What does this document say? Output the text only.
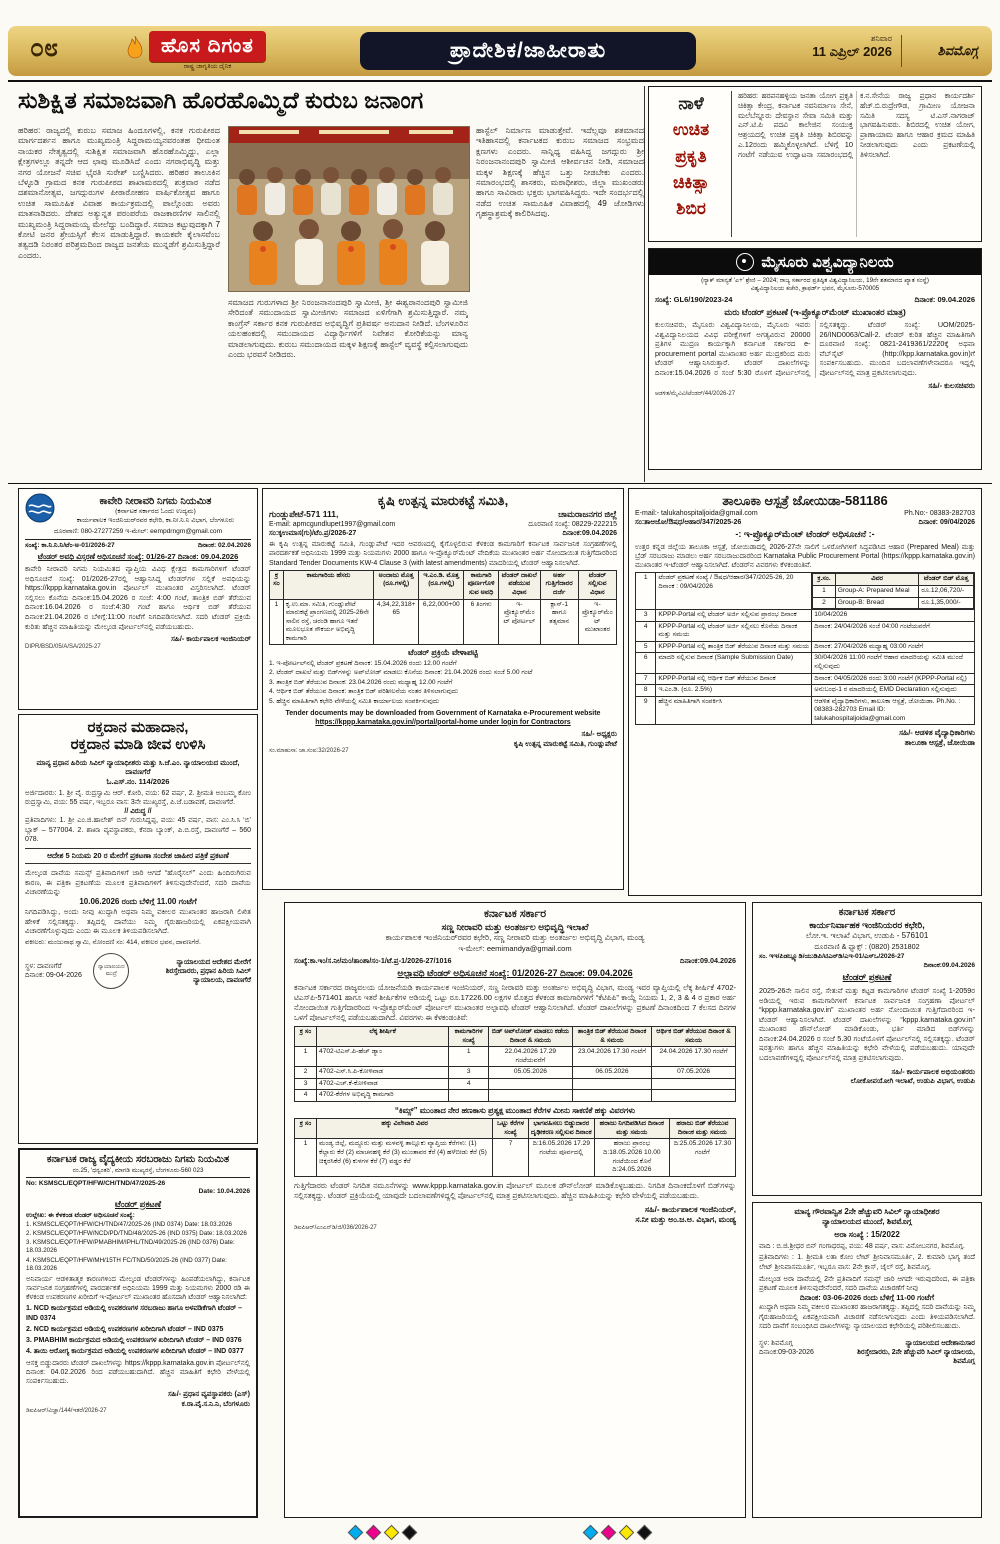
೦೮	ಹೊಸ ದಿಗಂತ
ರಾಷ್ಟ್ರ ಜಾಗೃತಿಯ ದೈನಿಕ
ಪ್ರಾದೇಶಿಕ/ಜಾಹೀರಾತು
ಶನಿವಾರ
11 ಎಪ್ರಿಲ್ 2026	ಶಿವಮೊಗ್ಗ
ಸುಶಿಕ್ಷಿತ ಸಮಾಜವಾಗಿ ಹೊರಹೊಮ್ಮಿದೆ ಕುರುಬ ಜನಾಂಗ
ಹರಿಹರ: ರಾಜ್ಯದಲ್ಲಿ ಕುರುಬ ಸಮಾಜ ಹಿಂದೂಗಳಲ್ಲಿ, ಕನಕ ಗುರುಪೀಠದ ಮಾರ್ಗದರ್ಶನ ಹಾಗೂ ಮುಖ್ಯಮಂತ್ರಿ ಸಿದ್ದರಾಮಯ್ಯನವರಂತಹ ಧೀಮಂತ ನಾಯಕರ ನೇತೃತ್ವದಲ್ಲಿ ಸುಶಿಕ್ಷಿತ ಸಮಾಜವಾಗಿ ಹೊರಹೊಮ್ಮಿದ್ದು, ಎಲ್ಲಾ ಕ್ಷೇತ್ರಗಳಲ್ಲೂ ತನ್ನದೇ ಆದ ಛಾಪು ಮೂಡಿಸಿದೆ ಎಂದು ನಗರಾಭಿವೃದ್ಧಿ ಮತ್ತು ನಗರ ಯೋಜನೆ ಸಚಿವ ಭೈರತಿ ಸುರೇಶ್ ಬಣ್ಣಿಸಿದರು. ಹರಿಹರ ತಾಲೂಕಿನ ಬೆಳ್ಳೂಡಿ ಗ್ರಾಮದ ಕನಕ ಗುರುಪೀಠದ ಶಾಖಾಮಠದಲ್ಲಿ ಶುಕ್ರವಾರ ನಡೆದ ದಶಮಾನೋತ್ಸವ, ಜಗದ್ಗುರುಗಳ ಪೀಠಾರೋಹಣ ವಾರ್ಷಿಕೋತ್ಸವ ಹಾಗೂ ಉಚಿತ ಸಾಮೂಹಿಕ ವಿವಾಹ ಕಾರ್ಯಕ್ರಮದಲ್ಲಿ ಪಾಲ್ಗೊಂಡು ಅವರು ಮಾತನಾಡಿದರು. ದೇಶದ ಅತ್ಯುನ್ನತ ಪರಂಪರೆಯ ರಾಜಕಾರಣಿಗಳ ಸಾಲಿನಲ್ಲಿ ಮುಖ್ಯಮಂತ್ರಿ ಸಿದ್ದರಾಮಯ್ಯ ಮೇಲೆದ್ದು ಬಂದಿದ್ದಾರೆ. ಸಮಾಜ ಕಟ್ಟುವುದಕ್ಕಾಗಿ 7 ಕೋಟಿ ಜನರ ಶ್ರೇಯಸ್ಸಿಗೆ ಕೆಲಸ ಮಾಡುತ್ತಿದ್ದಾರೆ. ಕಾಯಕವೇ ಕೈಲಾಸವೆಂಬ ತತ್ವದಡಿ ನಿರಂತರ ಪರಿಶ್ರಮದಿಂದ ರಾಜ್ಯದ ಜನತೆಯ ಮುನ್ನಡೆಗೆ ಶ್ರಮಿಸುತ್ತಿದ್ದಾರೆ ಎಂದರು.
ಸಮಾಜದ ಗುರುಗಳಾದ ಶ್ರೀ ನಿರಂಜನಾನಂದಪುರಿ ಸ್ವಾಮೀಜಿ, ಶ್ರೀ ಈಶ್ವರಾನಂದಪುರಿ ಸ್ವಾಮೀಜಿ ಸೇರಿದಂತೆ ಸಮುದಾಯದ ಸ್ವಾಮೀಜಿಗಳು ಸಮಾಜದ ಏಳಿಗೆಗಾಗಿ ಶ್ರಮಿಸುತ್ತಿದ್ದಾರೆ. ನಮ್ಮ ಕಾಂಗ್ರೆಸ್ ಸರ್ಕಾರ ಕನಕ ಗುರುಪೀಠದ ಅಭಿವೃದ್ಧಿಗೆ ಪ್ರತಿವರ್ಷ ಅನುದಾನ ನೀಡಿದೆ. ಬೆಂಗಳೂರಿನ ಯಲಹಂಕದಲ್ಲಿ ಸಮುದಾಯದ ವಿದ್ಯಾರ್ಥಿಗಳಿಗೆ ನಿವೇಶನ ಕೋರಿಕೆಯನ್ನು ಮಾನ್ಯ ಮಾಡಲಾಗುವುದು. ಕುರುಬ ಸಮುದಾಯದ ಮಕ್ಕಳ ಶಿಕ್ಷಣಕ್ಕೆ ಹಾಸ್ಟೆಲ್ ವ್ಯವಸ್ಥೆ ಕಲ್ಪಿಸಲಾಗುವುದು ಎಂದು ಭರವಸೆ ನೀಡಿದರು.
ಹಾಸ್ಟೆಲ್ ನಿರ್ಮಾಣ ಮಾಡುತ್ತೇವೆ. ಇದೆಲ್ಲವೂ ಶತಮಾನದ ಇತಿಹಾಸದಲ್ಲಿ ಕರ್ನಾಟಕದ ಕುರುಬ ಸಮಾಜದ ಸಂಭ್ರಮದ ಕ್ಷಣಗಳು ಎಂದರು. ಸಾನ್ನಿಧ್ಯ ವಹಿಸಿದ್ದ ಜಗದ್ಗುರು ಶ್ರೀ ನಿರಂಜನಾನಂದಪುರಿ ಸ್ವಾಮೀಜಿ ಆಶೀರ್ವಚನ ನೀಡಿ, ಸಮಾಜದ ಮಕ್ಕಳ ಶಿಕ್ಷಣಕ್ಕೆ ಹೆಚ್ಚಿನ ಒತ್ತು ನೀಡಬೇಕು ಎಂದರು. ಸಮಾರಂಭದಲ್ಲಿ ಶಾಸಕರು, ಮಠಾಧೀಶರು, ಜಿಲ್ಲಾ ಮುಖಂಡರು ಹಾಗೂ ಸಾವಿರಾರು ಭಕ್ತರು ಭಾಗವಹಿಸಿದ್ದರು. ಇದೇ ಸಂದರ್ಭದಲ್ಲಿ ನಡೆದ ಉಚಿತ ಸಾಮೂಹಿಕ ವಿವಾಹದಲ್ಲಿ 49 ಜೋಡಿಗಳು ಗೃಹಸ್ಥಾಶ್ರಮಕ್ಕೆ ಕಾಲಿರಿಸಿದವು.
ನಾಳೆ
ಉಚಿತ
ಪ್ರಕೃತಿ
ಚಿಕಿತ್ಸಾ
ಶಿಬಿರ
ಹರಿಹರ: ಹರಪನಹಳ್ಳಿಯ ಜನತಾ ಯೋಗ ಪ್ರಕೃತಿ ಚಿಕಿತ್ಸಾ ಕೇಂದ್ರ, ಕರ್ನಾಟಕ ನವನಿರ್ಮಾಣ ಸೇನೆ, ಮಲೆಬೆನ್ನೂರು ದೇವಸ್ಥಾನ ಸೇವಾ ಸಮಿತಿ ಮತ್ತು ಎನ್.ಟಿ.ಪಿ ಪದವಿ ಕಾಲೇಜಿನ ಸಂಯುಕ್ತ ಆಶ್ರಯದಲ್ಲಿ ಉಚಿತ ಪ್ರಕೃತಿ ಚಿಕಿತ್ಸಾ ಶಿಬಿರವನ್ನು ಎ.12ರಂದು ಹಮ್ಮಿಕೊಳ್ಳಲಾಗಿದೆ. ಬೆಳಿಗ್ಗೆ 10 ಗಂಟೆಗೆ ನಡೆಯುವ ಉದ್ಘಾಟನಾ ಸಮಾರಂಭದಲ್ಲಿ ಕ.ನ.ಸೇನೆಯ ರಾಜ್ಯ ಪ್ರಧಾನ ಕಾರ್ಯದರ್ಶಿ ಹೆಚ್.ಬಿ.ರುದ್ರೇಗೌಡ, ಗ್ರಾಮೀಣ ಯೋಜನಾ ಸಮಿತಿ ಸದಸ್ಯ ಟಿ.ಎಸ್.ನಾಗರಾಜ್ ಭಾಗವಹಿಸುವರು. ಶಿಬಿರದಲ್ಲಿ ಉಚಿತ ಯೋಗ, ಪ್ರಾಣಾಯಾಮ ಹಾಗೂ ಆಹಾರ ಕ್ರಮದ ಮಾಹಿತಿ ನೀಡಲಾಗುವುದು ಎಂದು ಪ್ರಕಟಣೆಯಲ್ಲಿ ತಿಳಿಸಲಾಗಿದೆ.
ಮೈಸೂರು ವಿಶ್ವವಿದ್ಯಾನಿಲಯ
(ನ್ಯಾಕ್ ಮಾನ್ಯತೆ ‘ಎ+’ ಶ್ರೇಣಿ – 2024; ರಾಜ್ಯ ಸರ್ಕಾರದ ಪ್ರತಿಷ್ಠಿತ ವಿಶ್ವವಿದ್ಯಾನಿಲಯ, 19ನೇ ಶತಮಾನದ ಖ್ಯಾತ ಸಂಸ್ಥೆ)
ವಿಶ್ವವಿದ್ಯಾನಿಲಯ ಕಚೇರಿ, ಕ್ರಾಫರ್ಡ್ ಭವನ, ಮೈಸೂರು-570005
ಸಂಖ್ಯೆ: GL6/190/2023-24	ದಿನಾಂಕ: 09.04.2026
ಮರು ಟೆಂಡರ್ ಪ್ರಕಟಣೆ (ಇ-ಪ್ರೊಕ್ಯೂರ್‌ಮೆಂಟ್ ಮುಖಾಂತರ ಮಾತ್ರ)
ಕುಲಸಚಿವರು, ಮೈಸೂರು ವಿಶ್ವವಿದ್ಯಾನಿಲಯ, ಮೈಸೂರು ಇವರು ವಿಶ್ವವಿದ್ಯಾನಿಲಯದ ವಿವಿಧ ಪರೀಕ್ಷೆಗಳಿಗೆ ಅಗತ್ಯವಿರುವ 20000 ಪ್ರತಿಗಳ ಮುದ್ರಣ ಕಾರ್ಯಕ್ಕಾಗಿ ಕರ್ನಾಟಕ ಸರ್ಕಾರದ e-procurement portal ಮುಖಾಂತರ ಅರ್ಹ ಮುದ್ರಕರಿಂದ ಮರು ಟೆಂಡರ್ ಆಹ್ವಾನಿಸಿರುತ್ತಾರೆ. ಟೆಂಡರ್ ದಾಖಲೆಗಳನ್ನು ದಿನಾಂಕ:15.04.2026 ರ ಸಂಜೆ 5:30 ರೊಳಗೆ ಪೋರ್ಟಲ್‌ನಲ್ಲಿ ಸಲ್ಲಿಸತಕ್ಕದ್ದು. ಟೆಂಡರ್ ಸಂಖ್ಯೆ: UOM/2025-26/IND0063/Call-2. ಟೆಂಡರ್ ಕುರಿತ ಹೆಚ್ಚಿನ ಮಾಹಿತಿಗಾಗಿ ದೂರವಾಣಿ ಸಂಖ್ಯೆ: 0821-2419361/2220ಕ್ಕೆ ಅಥವಾ ವೆಬ್‌ಸೈಟ್ (http://kpp.karnataka.gov.in)ಗೆ ಸಂಪರ್ಕಿಸಬಹುದು. ಮುಂದಿನ ಬದಲಾವಣೆಗಳೇನಾದರೂ ಇದ್ದಲ್ಲಿ ಪೋರ್ಟಲ್‌ನಲ್ಲಿ ಮಾತ್ರ ಪ್ರಕಟಿಸಲಾಗುವುದು.
ಸಹಿ/- ಕುಲಸಚಿವರು
ಆಡಳಿತ/ಮೈವಿವಿ/ಟೆಂಡರ್/44/2026-27
ಕಾವೇರಿ ನೀರಾವರಿ ನಿಗಮ ನಿಯಮಿತ
(ಕರ್ನಾಟಕ ಸರ್ಕಾರದ ಓಂದು ಉದ್ಯಮ)
ಕಾರ್ಯಪಾಲಕ ಇಂಜಿನಿಯರ್‌ರವರ ಕಛೇರಿ, ಕಾ.ನೀ.ನಿ.ನಿ ವಿಭಾಗ, ಬೆಂಗಳೂರು
ದೂರವಾಣಿ: 080-27277259 ಇ-ಮೇಲ್: eempdrngm@gmail.com
ಸಂಖ್ಯೆ: ಕಾ.ನಿ.ನಿ.ನಿ/ಟೆಂ-ಅ-01/2026-27	ದಿನಾಂಕ: 02.04.2026
ಟೆಂಡರ್ ಅವಧಿ ವಿಸ್ತರಣೆ ಅಧಿಸೂಚನೆ ಸಂಖ್ಯೆ: 01/26-27 ದಿನಾಂಕ: 09.04.2026
ಕಾವೇರಿ ನೀರಾವರಿ ನಿಗಮ ನಿಯಮಿತದ ವ್ಯಾಪ್ತಿಯ ವಿವಿಧ ಕ್ಷೇತ್ರದ ಕಾಮಗಾರಿಗಳಿಗೆ ಟೆಂಡರ್ ಅಧಿಸೂಚನೆ ಸಂಖ್ಯೆ: 01/2026-27ರಲ್ಲಿ ಆಹ್ವಾನಿಸಿದ್ದ ಟೆಂಡರ್‌ಗಳ ಸಲ್ಲಿಕೆ ಅವಧಿಯನ್ನು https://kppp.karnataka.gov.in ಪೋರ್ಟಲ್ ಮುಖಾಂತರ ವಿಸ್ತರಿಸಲಾಗಿದೆ. ಟೆಂಡರ್ ಸಲ್ಲಿಸಲು ಕೊನೆಯ ದಿನಾಂಕ:15.04.2026 ರ ಸಂಜೆ: 4:00 ಗಂಟೆ, ತಾಂತ್ರಿಕ ಬಿಡ್ ತೆರೆಯುವ ದಿನಾಂಕ:16.04.2026 ರ ಸಂಜೆ:4:30 ಗಂಟೆ ಹಾಗೂ ಆರ್ಥಿಕ ಬಿಡ್ ತೆರೆಯುವ ದಿನಾಂಕ:21.04.2026 ರ ಬೆಳಿಗ್ಗೆ:11:00 ಗಂಟೆಗೆ ನಿಗದಿಪಡಿಸಲಾಗಿದೆ. ಸದರಿ ಟೆಂಡರ್ ಪ್ರಕ್ರಿಯೆ ಕುರಿತು ಹೆಚ್ಚಿನ ಮಾಹಿತಿಯನ್ನು ಮೇಲ್ಕಂಡ ಪೋರ್ಟಲ್‌ನಲ್ಲಿ ಪಡೆಯಬಹುದು.
ಸಹಿ/- ಕಾರ್ಯಪಾಲಕ ಇಂಜಿನಿಯರ್
DIPR/BSD/05/A/SA/2025-27
ರಕ್ತದಾನ ಮಹಾದಾನ,
ರಕ್ತದಾನ ಮಾಡಿ ಜೀವ ಉಳಿಸಿ
ಮಾನ್ಯ ಪ್ರಧಾನ ಹಿರಿಯ ಸಿವಿಲ್ ನ್ಯಾಯಾಧೀಶರು ಮತ್ತು ಸಿ.ಜೆ.ಎಂ. ನ್ಯಾಯಾಲಯದ ಮುಂದೆ, ದಾವಣಗೆರೆ
ಓ.ಎಸ್.ನಂ. 114/2026
ಅರ್ಜಿದಾರರು: 1. ಶ್ರೀ ವೈ. ರುದ್ರಸ್ವಾಮಿ ಆರ್. ಕೋರಿ, ವಯ: 62 ವರ್ಷ, 2. ಶ್ರೀಮತಿ ಅಂಬಮ್ಮ ಕೋಂ ರುದ್ರಸ್ವಾಮಿ, ವಯ: 55 ವರ್ಷ, ಇಬ್ಬರೂ ವಾಸ: 3ನೇ ಮುಖ್ಯರಸ್ತೆ, ಪಿ.ಜೆ.ಬಡಾವಣೆ, ದಾವಣಗೆರೆ.
// ವಿರುದ್ಧ //
ಪ್ರತಿವಾದಿಗಳು: 1. ಶ್ರೀ ಎಂ.ಜಿ.ಹಾಲೇಶ್ ಬಿನ್ ಗುರುಸಿದ್ದಪ್ಪ, ವಯ: 45 ವರ್ಷ, ವಾಸ: ಎಂ.ಸಿ.ಸಿ ‘ಬಿ’ ಬ್ಲಾಕ್ – 577004. 2. ಶಾಖಾ ವ್ಯವಸ್ಥಾಪಕರು, ಕೆನರಾ ಬ್ಯಾಂಕ್, ಪಿ.ಬಿ.ರಸ್ತೆ, ದಾವಣಗೆರೆ – 560 078.
ಆದೇಶ 5 ನಿಯಮ 20 ರ ಮೇರೆಗೆ ಪ್ರಕಟಣಾ ಸಂದೇಶ ಜಾಹೀರ ಪತ್ರಿಕೆ ಪ್ರಕಟಣೆ
ಮೇಲ್ಕಂಡ ದಾವೆಯ ಸಮನ್ಸ್ ಪ್ರತಿವಾದಿಗಳಿಗೆ ಜಾರಿ ಆಗದೆ “ಹೊರೈಸಲ್” ಎಂದು ಹಿಂದಿರುಗಿರುವ ಕಾರಣ, ಈ ಪತ್ರಿಕಾ ಪ್ರಕಟಣೆಯ ಮೂಲಕ ಪ್ರತಿವಾದಿಗಳಿಗೆ ತಿಳಿಸುವುದೇನೆಂದರೆ, ಸದರಿ ದಾವೆಯ ವಿಚಾರಣೆಯನ್ನು
10.06.2026 ರಂದು ಬೆಳಿಗ್ಗೆ 11.00 ಗಂಟೆಗೆ
ನಿಗದಿಪಡಿಸಿದ್ದು, ಅಂದು ನೀವು ಖುದ್ದಾಗಿ ಅಥವಾ ನಿಮ್ಮ ವಕೀಲರ ಮುಖಾಂತರ ಹಾಜರಾಗಿ ಲಿಖಿತ ಹೇಳಿಕೆ ಸಲ್ಲಿಸತಕ್ಕದ್ದು. ತಪ್ಪಿದಲ್ಲಿ ದಾವೆಯು ನಿಮ್ಮ ಗೈರುಹಾಜರಿಯಲ್ಲಿ ಏಕಪಕ್ಷೀಯವಾಗಿ ವಿಚಾರಣೆಗೊಳ್ಳುವುದು ಎಂದು ಈ ಮೂಲಕ ತಿಳಿಯಪಡಿಸಲಾಗಿದೆ.
ವಕೀಲರು: ಮಂಜುನಾಥ ಸ್ವಾಮಿ, ನೋಂದಣಿ ಸಂ: 414, ವಕೀಲರ ಭವನ, ದಾವಣಗೆರೆ.
ಸ್ಥಳ: ದಾವಣಗೆರೆ
ದಿನಾಂಕ: 09-04-2026
ನ್ಯಾಯಾಲಯದ ಮುದ್ರೆ
ನ್ಯಾಯಾಲಯದ ಆದೇಶದ ಮೇರೆಗೆ
ಶಿರಸ್ತೇದಾರರು, ಪ್ರಧಾನ ಹಿರಿಯ ಸಿವಿಲ್ ನ್ಯಾಯಾಲಯ, ದಾವಣಗೆರೆ
ಕರ್ನಾಟಕ ರಾಜ್ಯ ವೈದ್ಯಕೀಯ ಸರಬರಾಜು ನಿಗಮ ನಿಯಮಿತ
ನಂ.25, ‘ಧನ್ವಂತರಿ’, ಮಾಗಡಿ ಮುಖ್ಯರಸ್ತೆ, ಬೆಂಗಳೂರು-560 023
No: KSMSCL/EQPT/HFW/CH/TND/47/2025-26
Date: 10.04.2026
ಟೆಂಡರ್ ಪ್ರಕಟಣೆ
ಉಲ್ಲೇಖ: ಈ ಕೆಳಕಂಡ ಟೆಂಡರ್ ಅಧಿಸೂಚನೆ ಸಂಖ್ಯೆ:
1. KSMSCL/EQPT/HFW/CH/TND/47/2025-26 (IND 0374) Date: 18.03.2026
2. KSMSCL/EQPT/HFW/NCD/PD/TND/48/2025-26 (IND 0375) Date: 18.03.2026
3. KSMSCL/EQPT/HFW/PMABHIM/IPHL/TND/49/2025-26 (IND 0376) Date: 18.03.2026
4. KSMSCL/EQPT/HFW/MH/15TH FC/TND/50/2025-26 (IND 0377) Date: 18.03.2026
ಅನಿವಾರ್ಯ ಆಡಳಿತಾತ್ಮಕ ಕಾರಣಗಳಿಂದ ಮೇಲ್ಕಂಡ ಟೆಂಡರ್‌ಗಳನ್ನು ಹಿಂಪಡೆಯಲಾಗಿದ್ದು, ಕರ್ನಾಟಕ ಸಾರ್ವಜನಿಕ ಸಂಗ್ರಹಣೆಗಳಲ್ಲಿ ಪಾರದರ್ಶಕತೆ ಅಧಿನಿಯಮ 1999 ಮತ್ತು ನಿಯಮಗಳು 2000 ರಡಿ ಈ ಕೆಳಕಂಡ ಉಪಕರಣಗಳ ಖರೀದಿಗೆ ಇ-ಪೋರ್ಟಲ್ ಮುಖಾಂತರ ಹೊಸದಾಗಿ ಟೆಂಡರ್ ಆಹ್ವಾನಿಸಲಾಗಿದೆ:
1. NCD ಕಾರ್ಯಕ್ರಮದ ಅಡಿಯಲ್ಲಿ ಉಪಕರಣಗಳ ಸರಬರಾಜು ಹಾಗೂ ಅಳವಡಿಕೆಗಾಗಿ ಟೆಂಡರ್ – IND 0374
2. NCD ಕಾರ್ಯಕ್ರಮದ ಅಡಿಯಲ್ಲಿ ಉಪಕರಣಗಳ ಖರೀದಿಗಾಗಿ ಟೆಂಡರ್ – IND 0375
3. PMABHIM ಕಾರ್ಯಕ್ರಮದ ಅಡಿಯಲ್ಲಿ ಉಪಕರಣಗಳ ಖರೀದಿಗಾಗಿ ಟೆಂಡರ್ – IND 0376
4. ತಾಯಿ ಆರೋಗ್ಯ ಕಾರ್ಯಕ್ರಮದ ಅಡಿಯಲ್ಲಿ ಉಪಕರಣಗಳ ಖರೀದಿಗಾಗಿ ಟೆಂಡರ್ – IND 0377
ಆಸಕ್ತ ಬಿಡ್ಡುದಾರರು ಟೆಂಡರ್ ದಾಖಲೆಗಳನ್ನು https://kppp.karnataka.gov.in ಪೋರ್ಟಲ್‌ನಲ್ಲಿ ದಿನಾಂಕ: 04.02.2026 ರಿಂದ ಪಡೆಯಬಹುದಾಗಿದೆ. ಹೆಚ್ಚಿನ ಮಾಹಿತಿಗೆ ಕಛೇರಿ ವೇಳೆಯಲ್ಲಿ ಸಂಪರ್ಕಿಸಬಹುದು.
ಸಹಿ/- ಪ್ರಧಾನ ವ್ಯವಸ್ಥಾಪಕರು (ಎಸ್)
ಕ.ರಾ.ವೈ.ಸ.ನಿ.ನಿ, ಬೆಂಗಳೂರು
ಡಿಐಪಿಆರ್/ವಿಜ್ಞಾ/144/ಇತರೆ/2026-27
ಕೃಷಿ ಉತ್ಪನ್ನ ಮಾರುಕಟ್ಟೆ ಸಮಿತಿ,
ಗುಂಡ್ಲುಪೇಟೆ-571 111,	ಚಾಮರಾಜನಗರ ಜಿಲ್ಲೆ
E-mail: apmcgundlupet1997@gmail.com	ದೂರವಾಣಿ ಸಂಖ್ಯೆ: 08229-222215
ಸಂ:ಕೃಉಮಾಸ(ಗು)/ಟೆಂ.ಪ್ರ/2026-27	ದಿನಾಂಕ:09.04.2026
ಈ ಕೃಷಿ ಉತ್ಪನ್ನ ಮಾರುಕಟ್ಟೆ ಸಮಿತಿ, ಗುಂಡ್ಲುಪೇಟೆ ಇದರ ಆವರಣದಲ್ಲಿ ಕೈಗೊಳ್ಳಲಿರುವ ಕೆಳಕಂಡ ಕಾಮಗಾರಿಗೆ ಕರ್ನಾಟಕ ಸಾರ್ವಜನಿಕ ಸಂಗ್ರಹಣೆಗಳಲ್ಲಿ ಪಾರದರ್ಶಕತೆ ಅಧಿನಿಯಮ 1999 ಮತ್ತು ನಿಯಮಗಳು 2000 ಹಾಗೂ ಇ-ಪ್ರೊಕ್ಯೂರ್‌ಮೆಂಟ್ ವೇದಿಕೆಯ ಮುಖಾಂತರ ಅರ್ಹ ನೋಂದಾಯಿತ ಗುತ್ತಿಗೆದಾರರಿಂದ Standard Tender Documents KW-4 Clause 3 (with latest amendments) ಮಾದರಿಯಲ್ಲಿ ಟೆಂಡರ್ ಆಹ್ವಾನಿಸಲಾಗಿದೆ.
ಕ್ರ ಸಂ	ಕಾಮಗಾರಿಯ ಹೆಸರು	ಅಂದಾಜು ಮೊತ್ತ (ರೂ.ಗಳಲ್ಲಿ)	ಇ.ಎಂ.ಡಿ. ಮೊತ್ತ (ರೂ.ಗಳಲ್ಲಿ)	ಕಾಮಗಾರಿ ಪೂರ್ಣಗೊಳಿಸುವ ಅವಧಿ	ಟೆಂಡರ್ ದಾಖಲೆ ಪಡೆಯುವ ವಿಧಾನ	ಅರ್ಹ ಗುತ್ತಿಗೆದಾರರ ದರ್ಜೆ	ಟೆಂಡರ್ ಸಲ್ಲಿಸುವ ವಿಧಾನ
1	ಕೃ.ಉ.ಮಾ. ಸಮಿತಿ, ಗುಂಡ್ಲುಪೇಟೆ ಮಾರುಕಟ್ಟೆ ಪ್ರಾಂಗಣದಲ್ಲಿ 2025-26ನೇ ಸಾಲಿನ ರಸ್ತೆ, ಚರಂಡಿ ಹಾಗೂ ಇತರೆ ಮೂಲಭೂತ ಸೌಕರ್ಯ ಅಭಿವೃದ್ಧಿ ಕಾಮಗಾರಿ	4,34,22,318+65	6,22,000+00	6 ತಿಂಗಳು	ಇ-ಪ್ರೊಕ್ಯೂರ್‌ಮೆಂಟ್ ಪೋರ್ಟಲ್	ಕ್ಲಾಸ್-1 ಹಾಗೂ ತತ್ಸಮಾನ	ಇ-ಪ್ರೊಕ್ಯೂರ್‌ಮೆಂಟ್ ಮುಖಾಂತರ
ಟೆಂಡರ್ ಪ್ರಕ್ರಿಯೆ ವೇಳಾಪಟ್ಟಿ
1. ಇ-ಪೋರ್ಟಲ್‌ನಲ್ಲಿ ಟೆಂಡರ್ ಪ್ರಕಟಣೆ ದಿನಾಂಕ: 15.04.2026 ರಂದು 12.00 ಗಂಟೆಗೆ
2. ಟೆಂಡರ್ ದಾಖಲೆ ಮತ್ತು ಬಿಡ್‌ಗಳನ್ನು ಅಪ್‌ಲೋಡ್ ಮಾಡಲು ಕೊನೆಯ ದಿನಾಂಕ: 21.04.2026 ರಂದು ಸಂಜೆ 5.00 ಗಂಟೆ
3. ತಾಂತ್ರಿಕ ಬಿಡ್ ತೆರೆಯುವ ದಿನಾಂಕ: 23.04.2026 ರಂದು ಮಧ್ಯಾಹ್ನ 12.00 ಗಂಟೆಗೆ
4. ಆರ್ಥಿಕ ಬಿಡ್ ತೆರೆಯುವ ದಿನಾಂಕ: ತಾಂತ್ರಿಕ ಬಿಡ್ ಪರಿಶೀಲನೆಯ ನಂತರ ತಿಳಿಸಲಾಗುವುದು
5. ಹೆಚ್ಚಿನ ಮಾಹಿತಿಗಾಗಿ ಕಛೇರಿ ವೇಳೆಯಲ್ಲಿ ಸಮಿತಿ ಕಾರ್ಯಾಲಯ ಸಂಪರ್ಕಿಸುವುದು
Tender documents may be downloaded from Government of Karnataka e-Procurement website
https://kppp.karnataka.gov.in//portal/portal-home under login for Contractors
ಸಹಿ/- ಅಧ್ಯಕ್ಷರು
ಕೃಷಿ ಉತ್ಪನ್ನ ಮಾರುಕಟ್ಟೆ ಸಮಿತಿ, ಗುಂಡ್ಲುಪೇಟೆ
ಸಂ.ಮಾಹುಸಾ: ಜಾ.ಸಂಪ:32/2026-27
ತಾಲೂಕಾ ಆಸ್ಪತ್ರೆ ಜೋಯಿಡಾ-581186
E-mail:- talukahospitaljoida@gmail.com	Ph.No:- 08383-282703
ಸಂ:ತಾಆಜೋ/ಔಷಧ/ಆಹಾರ/347/2025-26	ದಿನಾಂಕ: 09/04/2026
-: ಇ-ಪ್ರೊಕ್ಯೂರ್‌ಮೆಂಟ್ ಟೆಂಡರ್ ಅಧಿಸೂಚನೆ :-
ಉತ್ತರ ಕನ್ನಡ ಜಿಲ್ಲೆಯ ತಾಲೂಕಾ ಆಸ್ಪತ್ರೆ, ಜೋಯಿಡಾದಲ್ಲಿ 2026-27ನೇ ಸಾಲಿಗೆ ಒಳರೋಗಿಗಳಿಗೆ ಸಿದ್ಧಪಡಿಸಿದ ಆಹಾರ (Prepared Meal) ಮತ್ತು ಬ್ರೆಡ್ ಸರಬರಾಜು ಮಾಡಲು ಅರ್ಹ ಸರಬರಾಜುದಾರರಿಂದ Karnataka Public Procurement Portal (https://kppp.karnataka.gov.in) ಮುಖಾಂತರ ಇ-ಟೆಂಡರ್ ಆಹ್ವಾನಿಸಲಾಗಿದೆ. ಟೆಂಡರ್‌ನ ವಿವರಗಳು ಕೆಳಕಂಡಂತಿವೆ.
1	ಟೆಂಡರ್ ಪ್ರಕಟಣೆ ಸಂಖ್ಯೆ / ಔಷಧ/ಆಹಾರ/347/2025-26, 20 ದಿನಾಂಕ : 09/04/2026	
ಕ್ರ.ಸಂ.	ವಿವರ	ಟೆಂಡರ್ ಬಿಡ್ ಮೊತ್ತ
1	Group-A: Prepared Meal	ರೂ.12,06,720/-
2	Group-B: Bread	ರೂ.1,35,000/-

3	KPPP-Portal ನಲ್ಲಿ ಟೆಂಡರ್ ಅರ್ಜಿ ಸಲ್ಲಿಸುವ ಪ್ರಾರಂಭ ದಿನಾಂಕ	10/04/2026
4	KPPP-Portal ನಲ್ಲಿ ಟೆಂಡರ್ ಅರ್ಜಿ ಸಲ್ಲಿಸಲು ಕೊನೆಯ ದಿನಾಂಕ ಮತ್ತು ಸಮಯ	ದಿನಾಂಕ: 24/04/2026 ಸಂಜೆ 04:00 ಗಂಟೆಯವರೆಗೆ
5	KPPP-Portal ನಲ್ಲಿ ತಾಂತ್ರಿಕ ಬಿಡ್ ತೆರೆಯುವ ದಿನಾಂಕ ಮತ್ತು ಸಮಯ	ದಿನಾಂಕ: 27/04/2026 ಮಧ್ಯಾಹ್ನ 03:00 ಗಂಟೆಗೆ
6	ಮಾದರಿ ಸಲ್ಲಿಸುವ ದಿನಾಂಕ (Sample Submission Date)	30/04/2026 11:00 ಗಂಟೆಗೆ ಆಹಾರ ಮಾದರಿಯನ್ನು ಸಮಿತಿ ಮುಂದೆ ಸಲ್ಲಿಸುವುದು
7	KPPP-Portal ನಲ್ಲಿ ಆರ್ಥಿಕ ಬಿಡ್ ತೆರೆಯುವ ದಿನಾಂಕ	ದಿನಾಂಕ: 04/05/2026 ರಂದು 3:00 ಗಂಟೆಗೆ (KPPP-Portal ನಲ್ಲಿ)
8	ಇ.ಎಂ.ಡಿ. (ರೂ. 2.5%)	ಅನುಬಂಧ-1 ರ ಮಾದರಿಯಲ್ಲಿ EMD Declaration ಸಲ್ಲಿಸುವುದು
9	ಹೆಚ್ಚಿನ ಮಾಹಿತಿಗಾಗಿ ಸಂಪರ್ಕಿಸಿ	ಆಡಳಿತ ವೈದ್ಯಾಧಿಕಾರಿಗಳು, ತಾಲೂಕಾ ಆಸ್ಪತ್ರೆ, ಜೋಯಿಡಾ. Ph.No. : 08383-282703 Email ID: talukahospitaljoida@gmail.com
ಸಹಿ/- ಆಡಳಿತ ವೈದ್ಯಾಧಿಕಾರಿಗಳು
ತಾಲೂಕಾ ಆಸ್ಪತ್ರೆ, ಜೋಯಿಡಾ
ಕರ್ನಾಟಕ ಸರ್ಕಾರ
ಸಣ್ಣ ನೀರಾವರಿ ಮತ್ತು ಅಂತರ್ಜಲ ಅಭಿವೃದ್ಧಿ ಇಲಾಖೆ
ಕಾರ್ಯಪಾಲಕ ಇಂಜಿನಿಯರ್‌ರವರ ಕಛೇರಿ, ಸಣ್ಣ ನೀರಾವರಿ ಮತ್ತು ಅಂತರ್ಜಲ ಅಭಿವೃದ್ಧಿ ವಿಭಾಗ, ಮಂಡ್ಯ
ಇ-ಮೇಲ್: eemimandya@gmail.com
ಸಂಖ್ಯೆ:ಕಾ.ಇಂ/ಸ.ನೀ/ಮಂ/ತಾಂಶಾ/ಸಂ-1/ಟೆ.ಪ್ರ-1/2026-27/1016	ದಿನಾಂಕ:09.04.2026
ಅಲ್ಪಾವಧಿ ಟೆಂಡರ್ ಅಧಿಸೂಚನೆ ಸಂಖ್ಯೆ: 01/2026-27 ದಿನಾಂಕ: 09.04.2026
ಕರ್ನಾಟಕ ಸರ್ಕಾರದ ರಾಜ್ಯವಲಯ ಯೋಜನೆಯಡಿ ಕಾರ್ಯಪಾಲಕ ಇಂಜಿನಿಯರ್, ಸಣ್ಣ ನೀರಾವರಿ ಮತ್ತು ಅಂತರ್ಜಲ ಅಭಿವೃದ್ಧಿ ವಿಭಾಗ, ಮಂಡ್ಯ ಇವರ ವ್ಯಾಪ್ತಿಯಲ್ಲಿ ಲೆಕ್ಕ ಶೀರ್ಷಿಕೆ 4702-ಟಿಎಸ್‌ಪಿ-571401 ಹಾಗೂ ಇತರೆ ಶೀರ್ಷಿಕೆಗಳ ಅಡಿಯಲ್ಲಿ ಒಟ್ಟು ರೂ.17226.00 ಲಕ್ಷಗಳ ಮೊತ್ತದ ಕೆಳಕಂಡ ಕಾಮಗಾರಿಗಳಿಗೆ “ಕೆಟಿಪಿಪಿ” ಕಾಯ್ದೆ ನಿಯಮ 1, 2, 3 & 4 ರ ಪ್ರಕಾರ ಅರ್ಹ ನೋಂದಾಯಿತ ಗುತ್ತಿಗೆದಾರರಿಂದ ಇ-ಪ್ರೊಕ್ಯೂರ್‌ಮೆಂಟ್ ಪೋರ್ಟಲ್ ಮುಖಾಂತರ ಅಲ್ಪಾವಧಿ ಟೆಂಡರ್ ಆಹ್ವಾನಿಸಲಾಗಿದೆ. ಟೆಂಡರ್ ದಾಖಲೆಗಳನ್ನು ಪ್ರಕಟಣೆ ದಿನಾಂಕದಿಂದ 7 ಕೆಲಸದ ದಿನಗಳ ಒಳಗೆ ಪೋರ್ಟಲ್‌ನಲ್ಲಿ ಪಡೆಯಬಹುದಾಗಿದೆ. ವಿವರಗಳು ಈ ಕೆಳಕಂಡಂತಿವೆ:
ಕ್ರ ಸಂ	ಲೆಕ್ಕ ಶೀರ್ಷಿಕೆ	ಕಾಮಗಾರಿಗಳ ಸಂಖ್ಯೆ	ಬಿಡ್ ಅಪ್‌ಲೋಡ್ ಮಾಡಲು ಕಡೆಯ ದಿನಾಂಕ & ಸಮಯ	ತಾಂತ್ರಿಕ ಬಿಡ್ ತೆರೆಯುವ ದಿನಾಂಕ & ಸಮಯ	ಆರ್ಥಿಕ ಬಿಡ್ ತೆರೆಯುವ ದಿನಾಂಕ & ಸಮಯ
1	4702-ಟಿಎಸ್.ಪಿ-ಹೆಚ್ ಡ್ಯಾಂ	1	22.04.2026 17.29 ಗಂಟೆಯವರೆಗೆ	23.04.2026 17.30 ಗಂಟೆಗೆ	24.04.2026 17.30 ಗಂಟೆಗೆ
2	4702-ಎಸ್.ಸಿ.ಪಿ-ಕೋಳಿವಾಡ	3	05.05.2026	06.05.2026	07.05.2026
3	4702-ಎಚ್.ಕೆ-ಕೋಳಿವಾಡ	4			
4	4702-ಕೆರೆಗಳ ಅಭಿವೃದ್ಧಿ ಕಾಮಗಾರಿ				
“ಕಿಮ್ಸ್” ಮುಂತಾದ ನೇರ ಹಣಕಾಸು ಪ್ರತ್ಯಕ್ಷ ಮುಂತಾದ ಕೆರೆಗಳ ಮೀನು ಸಾಕಣಿಕೆ ಹಕ್ಕು ವಿವರಗಳು
ಕ್ರ ಸಂ	ಹಕ್ಕು ವಿಲೇವಾರಿ ವಿವರ	ಒಟ್ಟು ಕೆರೆಗಳ ಸಂಖ್ಯೆ	ಭಾಗವಹಿಸಲು ಬಿಡ್ಡುದಾರರ ದೃಢೀಕರಣ ಸಲ್ಲಿಸುವ ದಿನಾಂಕ	ಹರಾಜು ನಿಗದಿಪಡಿಸಿದ ದಿನಾಂಕ ಮತ್ತು ಸಮಯ	ಹರಾಜು ಬಿಡ್ ತೆರೆಯುವ ದಿನಾಂಕ ಮತ್ತು ಸಮಯ
1	ಮಂಡ್ಯ ಜಿಲ್ಲೆ, ಮದ್ದೂರು ಮತ್ತು ಮಳವಳ್ಳಿ ತಾಲ್ಲೂಕು ವ್ಯಾಪ್ತಿಯ ಕೆರೆಗಳು: (1) ಕೆಲ್ಲಾರು ಕೆರೆ (2) ಮಾಚನಹಳ್ಳಿ ಕೆರೆ (3) ಮುಂತಾವರ ಕೆರೆ (4) ಹಳೆಬೀಡು ಕೆರೆ (5) ಚಿಕ್ಕರಸಿಕೆರೆ (6) ಕುಳಗಳ ಕೆರೆ (7) ವಡ್ಡರ ಕೆರೆ	7	ದಿ:16.05.2026 17.29 ಗಂಟೆಯ ಪೂರ್ವದಲ್ಲಿ	ಹರಾಜು ಪ್ರಾರಂಭ ದಿ:18.05.2026 10.00 ಗಂಟೆಯಿಂದ ಕೊನೆ ದಿ:24.05.2026	ದಿ:25.05.2026 17.30 ಗಂಟೆಗೆ
ಗುತ್ತಿಗೆದಾರರು ಟೆಂಡರ್ ನಿಗದಿತ ನಮೂನೆಗಳನ್ನು www.kppp.karnataka.gov.in ಪೋರ್ಟಲ್ ಮೂಲಕ ಡೌನ್‌ಲೋಡ್ ಮಾಡಿಕೊಳ್ಳಬಹುದು. ನಿಗದಿತ ದಿನಾಂಕದೊಳಗೆ ಬಿಡ್‌ಗಳನ್ನು ಸಲ್ಲಿಸತಕ್ಕದ್ದು. ಟೆಂಡರ್ ಪ್ರಕ್ರಿಯೆಯಲ್ಲಿ ಯಾವುದೇ ಬದಲಾವಣೆಗಳಿದ್ದಲ್ಲಿ ಪೋರ್ಟಲ್‌ನಲ್ಲಿ ಮಾತ್ರ ಪ್ರಕಟಿಸಲಾಗುವುದು. ಹೆಚ್ಚಿನ ಮಾಹಿತಿಯನ್ನು ಕಛೇರಿ ವೇಳೆಯಲ್ಲಿ ಪಡೆಯಬಹುದು.
ಸಹಿ/- ಕಾರ್ಯಪಾಲಕ ಇಂಜಿನಿಯರ್,
ಸ.ನೀ ಮತ್ತು ಅಂ.ಜ.ಅ. ವಿಭಾಗ, ಮಂಡ್ಯ
ಡಿಐಪಿಆರ್/ಎಂಎನ್‌ಡಿ/ಜಿ/036/2026-27
ಕರ್ನಾಟಕ ಸರ್ಕಾರ
ಕಾರ್ಯನಿರ್ವಾಹಕ ಇಂಜಿನಿಯರರ ಕಛೇರಿ,
ಲೋ.ಇ. ಇಲಾಖೆ ವಿಭಾಗ, ಉಡುಪಿ - 576101
ದೂರವಾಣಿ & ಫ್ಯಾಕ್ಸ್ : (0820) 2531802
ಸಂ. ಇಇ/ಪಿಡಬ್ಲ್ಯೂಡಿ/ಯುಡಿಪಿ/ಟಿಎನ್‌ಡಿ/ಎಇ-01/ಎಸ್‌ಒ/2026-27
ದಿನಾಂಕ:09.04.2026
ಟೆಂಡರ್ ಪ್ರಕಟಣೆ
2025-26ನೇ ಸಾಲಿನ ರಸ್ತೆ, ಸೇತುವೆ ಮತ್ತು ಕಟ್ಟಡ ಕಾಮಗಾರಿಗಳ ಟೆಂಡರ್ ಸಂಖ್ಯೆ 1-2059ರ ಅಡಿಯಲ್ಲಿ ಇರುವ ಕಾಮಗಾರಿಗಳಿಗೆ ಕರ್ನಾಟಕ ಸಾರ್ವಜನಿಕ ಸಂಗ್ರಹಣಾ ಪೋರ್ಟಲ್ “kppp.karnataka.gov.in” ಮುಖಾಂತರ ಅರ್ಹ ನೋಂದಾಯಿತ ಗುತ್ತಿಗೆದಾರರಿಂದ ಇ-ಟೆಂಡರ್ ಆಹ್ವಾನಿಸಲಾಗಿದೆ. ಟೆಂಡರ್ ದಾಖಲೆಗಳನ್ನು “kppp.karnataka.gov.in” ಮುಖಾಂತರ ಡೌನ್‌ಲೋಡ್ ಮಾಡಿಕೊಂಡು, ಭರ್ತಿ ಮಾಡಿದ ಬಿಡ್‌ಗಳನ್ನು ದಿನಾಂಕ:24.04.2026 ರ ಸಂಜೆ 5.30 ಗಂಟೆಯೊಳಗೆ ಪೋರ್ಟಲ್‌ನಲ್ಲಿ ಸಲ್ಲಿಸತಕ್ಕದ್ದು. ಟೆಂಡರ್ ಷರತ್ತುಗಳು ಹಾಗೂ ಹೆಚ್ಚಿನ ಮಾಹಿತಿಯನ್ನು ಕಛೇರಿ ವೇಳೆಯಲ್ಲಿ ಪಡೆಯಬಹುದು. ಯಾವುದೇ ಬದಲಾವಣೆಗಳಿದ್ದಲ್ಲಿ ಪೋರ್ಟಲ್‌ನಲ್ಲಿ ಮಾತ್ರ ಪ್ರಕಟಿಸಲಾಗುವುದು.
ಸಹಿ/- ಕಾರ್ಯಪಾಲಕ ಅಭಿಯಂತರರು
ಲೋಕೋಪಯೋಗಿ ಇಲಾಖೆ, ಉಡುಪಿ ವಿಭಾಗ, ಉಡುಪಿ
ಮಾನ್ಯ ಗೌರವಾನ್ವಿತ 2ನೇ ಹೆಚ್ಚುವರಿ ಸಿವಿಲ್ ನ್ಯಾಯಾಧೀಶರ
ನ್ಯಾಯಾಲಯದ ಮುಂದೆ, ಶಿವಮೊಗ್ಗ
ಅರಾ ಸಂಖ್ಯೆ : 15/2022
ವಾದಿ : ಬಿ.ಜಿ.ಶ್ರೀಧರ ಬಿನ್ ಗಂಗಾಧರಪ್ಪ, ವಯ: 48 ವರ್ಷ, ವಾಸ: ವಿನೋಬನಗರ, ಶಿವಮೊಗ್ಗ.
ಪ್ರತಿವಾದಿಗಳು : 1. ಶ್ರೀಮತಿ ಲತಾ ಕೋಂ ಲೇಟ್ ಶ್ರೀನಿವಾಸಮೂರ್ತಿ, 2. ಕುಮಾರಿ ಭಾಗ್ಯ ತಂದೆ ಲೇಟ್ ಶ್ರೀನಿವಾಸಮೂರ್ತಿ, ಇಬ್ಬರೂ ವಾಸ: 2ನೇ ಕ್ರಾಸ್, ಜೈಲ್ ರಸ್ತೆ, ಶಿವಮೊಗ್ಗ.
ಮೇಲ್ಕಂಡ ಅರಾ ದಾವೆಯಲ್ಲಿ 2ನೇ ಪ್ರತಿವಾದಿಗೆ ಸಮನ್ಸ್ ಜಾರಿ ಆಗದೇ ಇರುವುದರಿಂದ, ಈ ಪತ್ರಿಕಾ ಪ್ರಕಟಣೆ ಮೂಲಕ ತಿಳಿಸುವುದೇನೆಂದರೆ, ಸದರಿ ದಾವೆಯ ವಿಚಾರಣೆಗೆ ನೀವು
ದಿನಾಂಕ: 03-06-2026 ರಂದು ಬೆಳಿಗ್ಗೆ 11-00 ಗಂಟೆಗೆ
ಖುದ್ದಾಗಿ ಅಥವಾ ನಿಮ್ಮ ವಕೀಲರ ಮುಖಾಂತರ ಹಾಜರಾಗತಕ್ಕದ್ದು. ತಪ್ಪಿದಲ್ಲಿ ಸದರಿ ದಾವೆಯನ್ನು ನಿಮ್ಮ ಗೈರುಹಾಜರಿಯಲ್ಲಿ ಏಕಪಕ್ಷೀಯವಾಗಿ ವಿಚಾರಣೆ ನಡೆಸಲಾಗುವುದು ಎಂದು ತಿಳಿಯಪಡಿಸಲಾಗಿದೆ. ಸದರಿ ದಾವೆಗೆ ಸಂಬಂಧಿಸಿದ ದಾಖಲೆಗಳನ್ನು ನ್ಯಾಯಾಲಯದ ಕಛೇರಿಯಲ್ಲಿ ಪರಿಶೀಲಿಸಬಹುದು.
ಸ್ಥಳ: ಶಿವಮೊಗ್ಗ
ದಿನಾಂಕ:09-03-2026
ನ್ಯಾಯಾಲಯದ ಆದೇಶಾನುಸಾರ
ಶಿರಸ್ತೇದಾರರು, 2ನೇ ಹೆಚ್ಚುವರಿ ಸಿವಿಲ್ ನ್ಯಾಯಾಲಯ, ಶಿವಮೊಗ್ಗ
